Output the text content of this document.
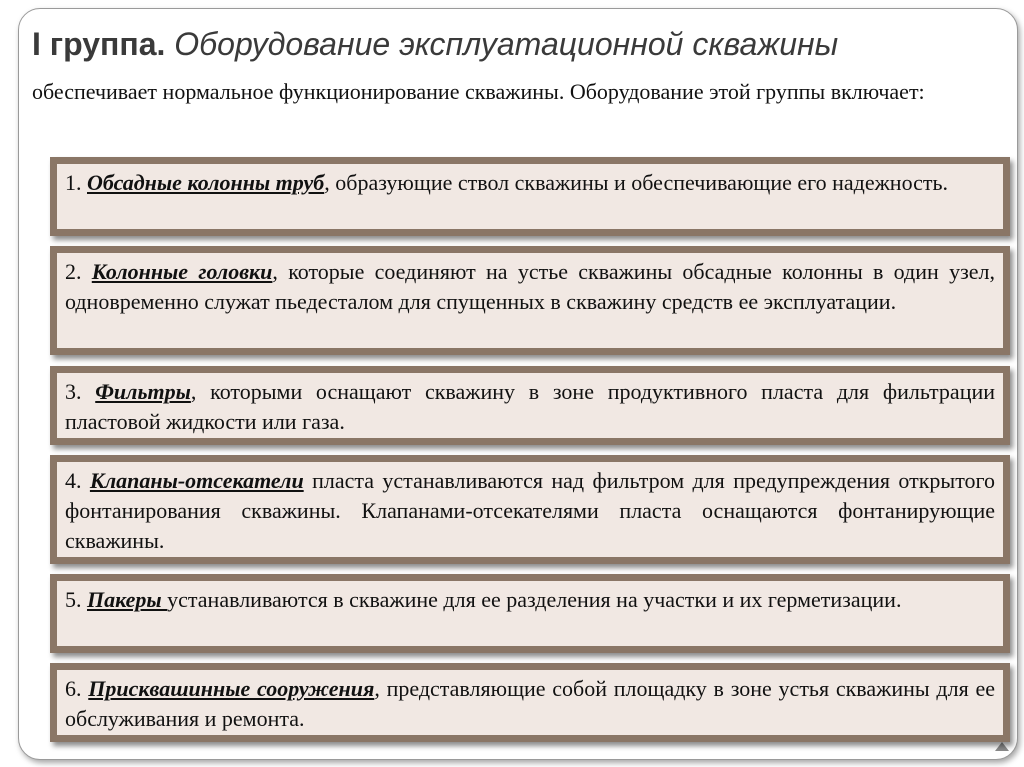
I группа. Оборудование эксплуатационной скважины
обеспечивает нормальное функционирование скважины. Оборудование этой группы включает:
1. Обсадные колонны труб, образующие ствол скважины и обеспечивающие его надежность.
2. Колонные головки, которые соединяют на устье скважины обсадные колонны в один узел, одновременно служат пьедесталом для спущенных в скважину средств ее эксплуатации.
3. Фильтры, которыми оснащают скважину в зоне продуктивного пласта для фильтрации пластовой жидкости или газа.
4. Клапаны-отсекатели пласта устанавливаются над фильтром для предупреждения открытого фонтанирования скважины. Клапанами-отсекателями пласта оснащаются фонтанирующие скважины.
5. Пакеры устанавливаются в скважине для ее разделения на участки и их герметизации.
6. Присквашинные сооружения, представляющие собой площадку в зоне устья скважины для ее обслуживания и ремонта.
